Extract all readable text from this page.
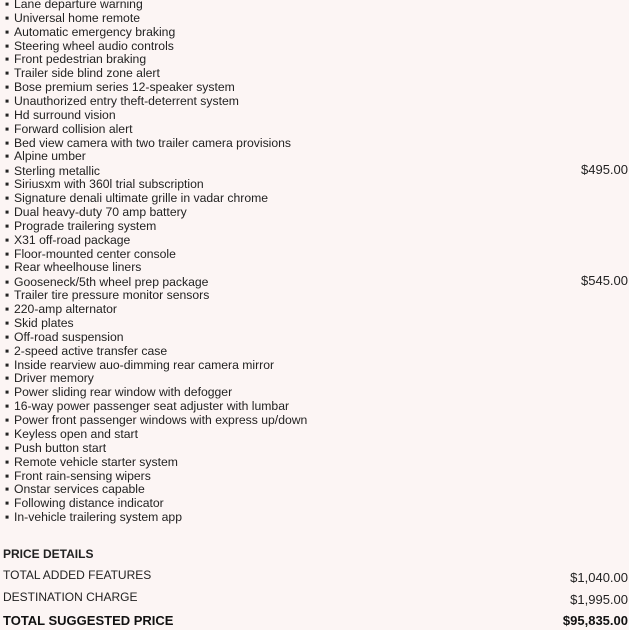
▪ Lane departure warning
▪ Universal home remote
▪ Automatic emergency braking
▪ Steering wheel audio controls
▪ Front pedestrian braking
▪ Trailer side blind zone alert
▪ Bose premium series 12-speaker system
▪ Unauthorized entry theft-deterrent system
▪ Hd surround vision
▪ Forward collision alert
▪ Bed view camera with two trailer camera provisions
▪ Alpine umber
▪ Sterling metallic	$495.00
▪ Siriusxm with 360l trial subscription
▪ Signature denali ultimate grille in vadar chrome
▪ Dual heavy-duty 70 amp battery
▪ Prograde trailering system
▪ X31 off-road package
▪ Floor-mounted center console
▪ Rear wheelhouse liners
▪ Gooseneck/5th wheel prep package	$545.00
▪ Trailer tire pressure monitor sensors
▪ 220-amp alternator
▪ Skid plates
▪ Off-road suspension
▪ 2-speed active transfer case
▪ Inside rearview auo-dimming rear camera mirror
▪ Driver memory
▪ Power sliding rear window with defogger
▪ 16-way power passenger seat adjuster with lumbar
▪ Power front passenger windows with express up/down
▪ Keyless open and start
▪ Push button start
▪ Remote vehicle starter system
▪ Front rain-sensing wipers
▪ Onstar services capable
▪ Following distance indicator
▪ In-vehicle trailering system app
PRICE DETAILS
TOTAL ADDED FEATURES	$1,040.00
DESTINATION CHARGE	$1,995.00
TOTAL SUGGESTED PRICE	$95,835.00
